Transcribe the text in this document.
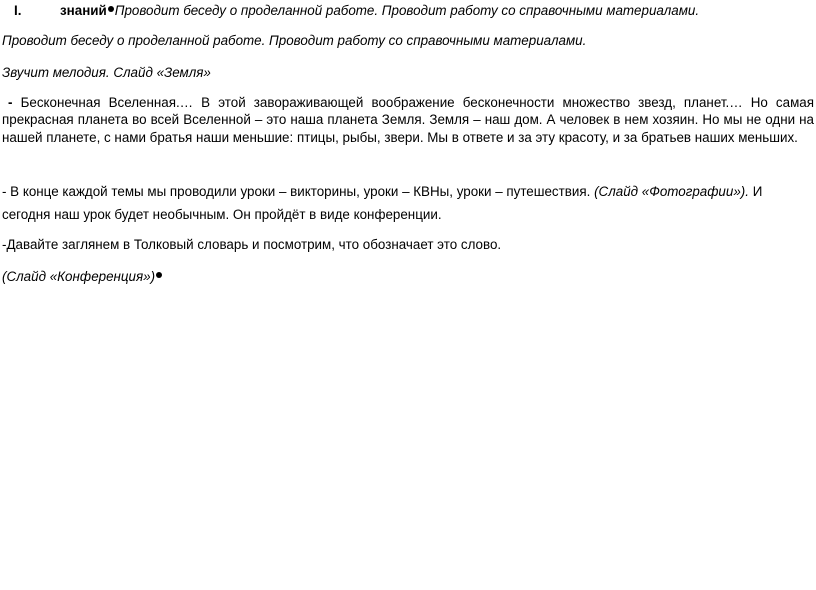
I.	знаний Проводит беседу о проделанной работе. Проводит работу со справочными материалами.

Проводит беседу о проделанной работе. Проводит работу со справочными материалами.

Звучит мелодия. Слайд «Земля»

- Бесконечная Вселенная.… В этой завораживающей воображение бесконечности множество звезд, планет.… Но самая прекрасная планета во всей Вселенной – это наша планета Земля. Земля – наш дом. А человек в нем хозяин. Но мы не одни на нашей планете, с нами братья наши меньшие: птицы, рыбы, звери. Мы в ответе и за эту красоту, и за братьев наших меньших.

- В конце каждой темы мы проводили уроки – викторины, уроки – КВНы, уроки – путешествия. (Слайд «Фотографии»). И сегодня наш урок будет необычным. Он пройдёт в виде конференции.

-Давайте заглянем в Толковый словарь и посмотрим, что обозначает это слово.

(Слайд «Конференция»)
